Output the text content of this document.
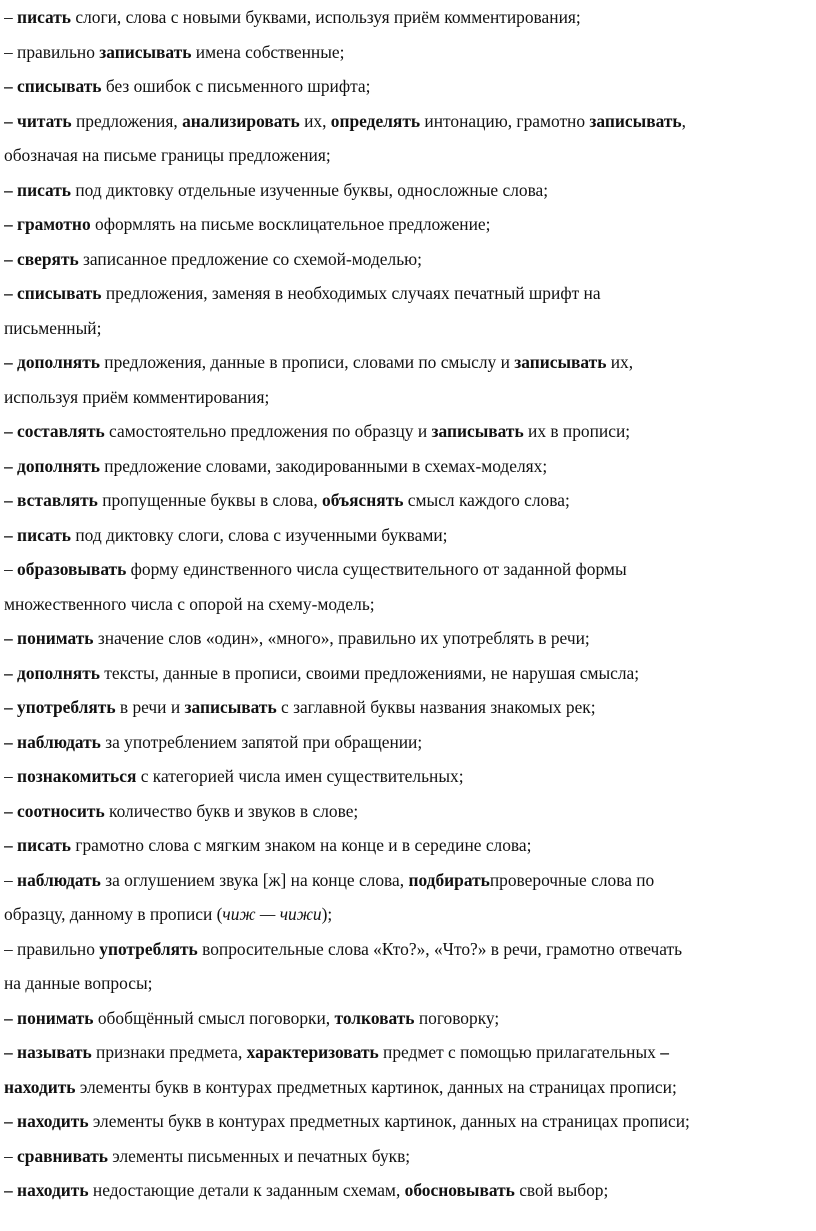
– писать слоги, слова с новыми буквами, используя приём комментирования;
– правильно записывать имена собственные;
– списывать без ошибок с письменного шрифта;
– читать предложения, анализировать их, определять интонацию, грамотно записывать,
обозначая на письме границы предложения;
– писать под диктовку отдельные изученные буквы, односложные слова;
– грамотно оформлять на письме восклицательное предложение;
– сверять записанное предложение со схемой-моделью;
– списывать предложения, заменяя в необходимых случаях печатный шрифт на
письменный;
– дополнять предложения, данные в прописи, словами по смыслу и записывать их,
используя приём комментирования;
– составлять самостоятельно предложения по образцу и записывать их в прописи;
– дополнять предложение словами, закодированными в схемах-моделях;
– вставлять пропущенные буквы в слова, объяснять смысл каждого слова;
– писать под диктовку слоги, слова с изученными буквами;
– образовывать форму единственного числа существительного от заданной формы
множественного числа с опорой на схему-модель;
– понимать значение слов «один», «много», правильно их употреблять в речи;
– дополнять тексты, данные в прописи, своими предложениями, не нарушая смысла;
– употреблять в речи и записывать с заглавной буквы названия знакомых рек;
– наблюдать за употреблением запятой при обращении;
– познакомиться с категорией числа имен существительных;
– соотносить количество букв и звуков в слове;
– писать грамотно слова с мягким знаком на конце и в середине слова;
– наблюдать за оглушением звука [ж] на конце слова, подбиратьпроверочные слова по
образцу, данному в прописи (чиж — чижи);
– правильно употреблять вопросительные слова «Кто?», «Что?» в речи, грамотно отвечать
на данные вопросы;
– понимать обобщённый смысл поговорки, толковать поговорку;
– называть признаки предмета, характеризовать предмет с помощью прилагательных –
находить элементы букв в контурах предметных картинок, данных на страницах прописи;
– находить элементы букв в контурах предметных картинок, данных на страницах прописи;
– сравнивать элементы письменных и печатных букв;
– находить недостающие детали к заданным схемам, обосновывать свой выбор;
